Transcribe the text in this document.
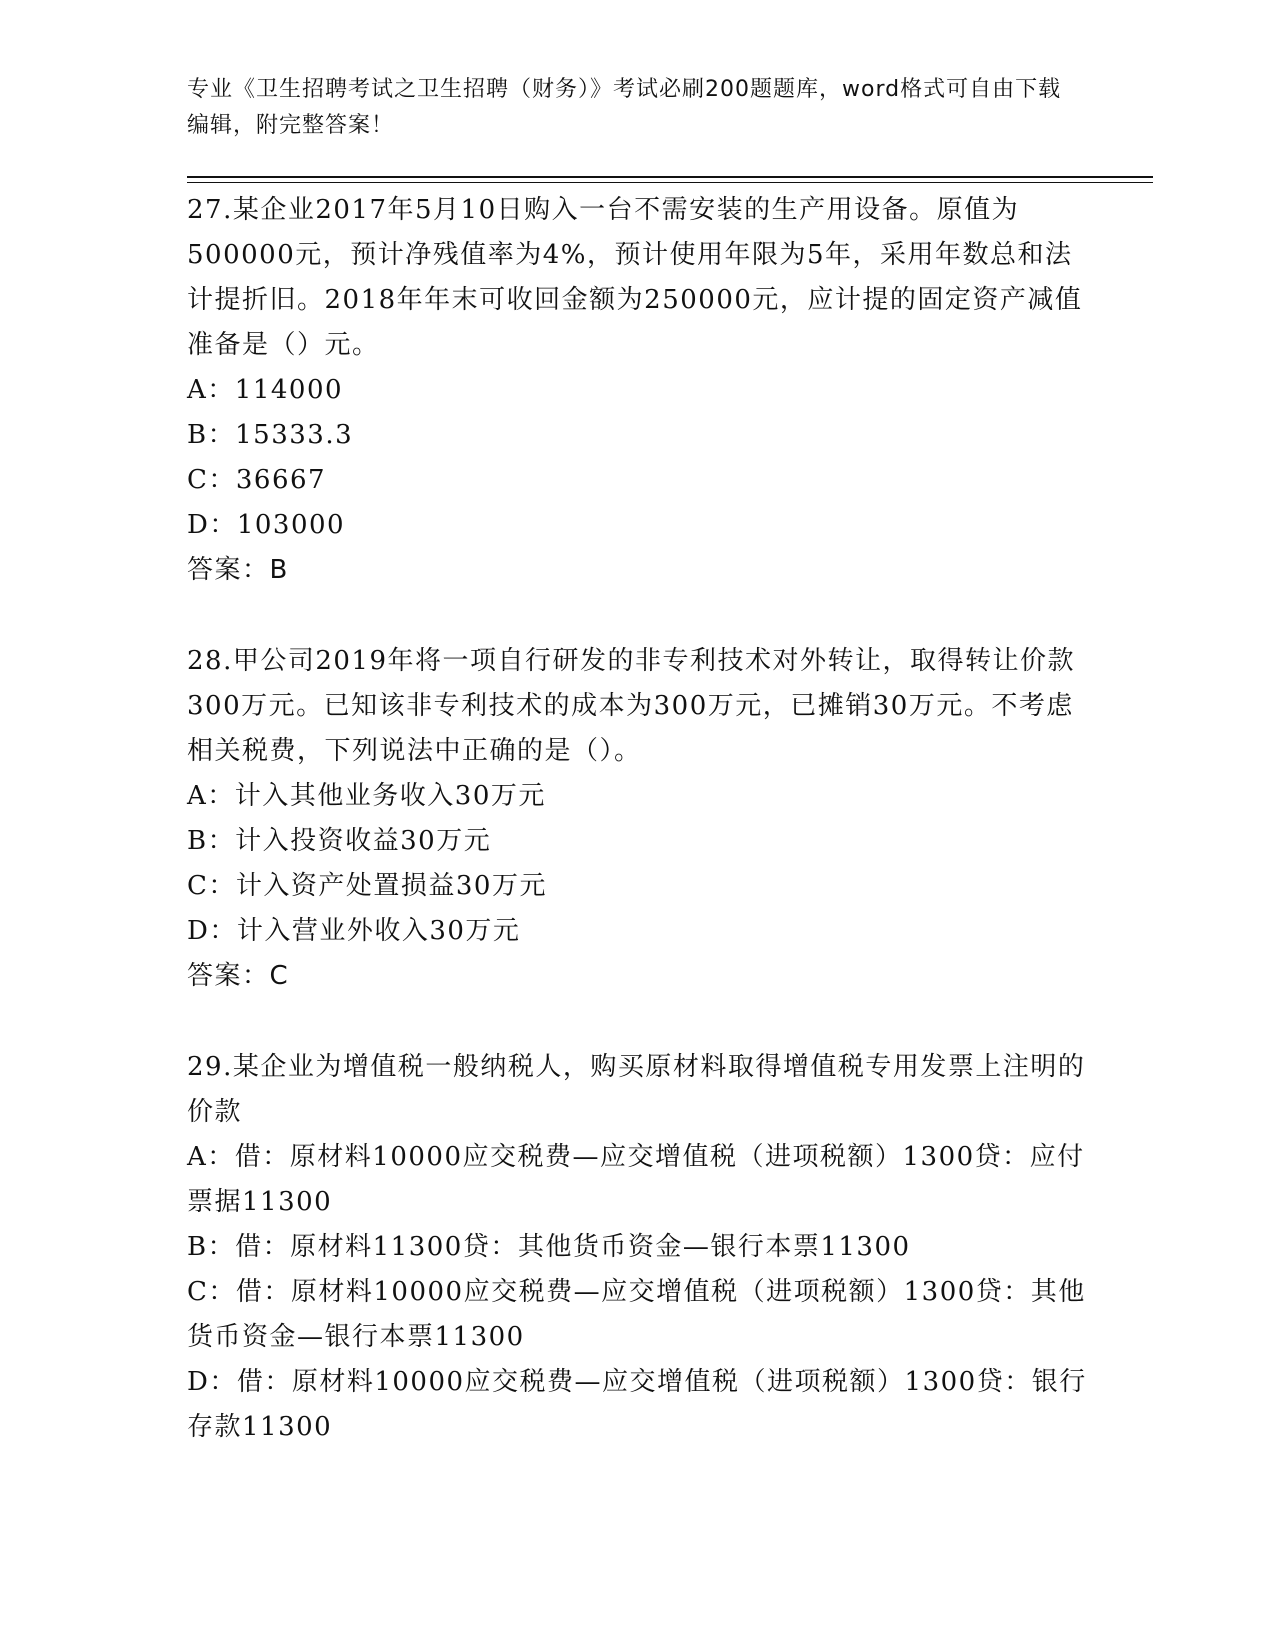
专业《卫生招聘考试之卫生招聘（财务）》考试必刷200题题库，word格式可自由下载编辑，附完整答案！

27.某企业2017年5月10日购入一台不需安装的生产用设备。原值为500000元，预计净残值率为4%，预计使用年限为5年，采用年数总和法计提折旧。2018年年末可收回金额为250000元，应计提的固定资产减值准备是（）元。

A：114000

B：15333.3

C：36667

D：103000

答案：B

28.甲公司2019年将一项自行研发的非专利技术对外转让，取得转让价款300万元。已知该非专利技术的成本为300万元，已摊销30万元。不考虑相关税费，下列说法中正确的是（）。

A：计入其他业务收入30万元

B：计入投资收益30万元

C：计入资产处置损益30万元

D：计入营业外收入30万元

答案：C

29.某企业为增值税一般纳税人，购买原材料取得增值税专用发票上注明的价款

A：借：原材料10000应交税费—应交增值税（进项税额）1300贷：应付票据11300

B：借：原材料11300贷：其他货币资金—银行本票11300

C：借：原材料10000应交税费—应交增值税（进项税额）1300贷：其他货币资金—银行本票11300

D：借：原材料10000应交税费—应交增值税（进项税额）1300贷：银行存款11300
